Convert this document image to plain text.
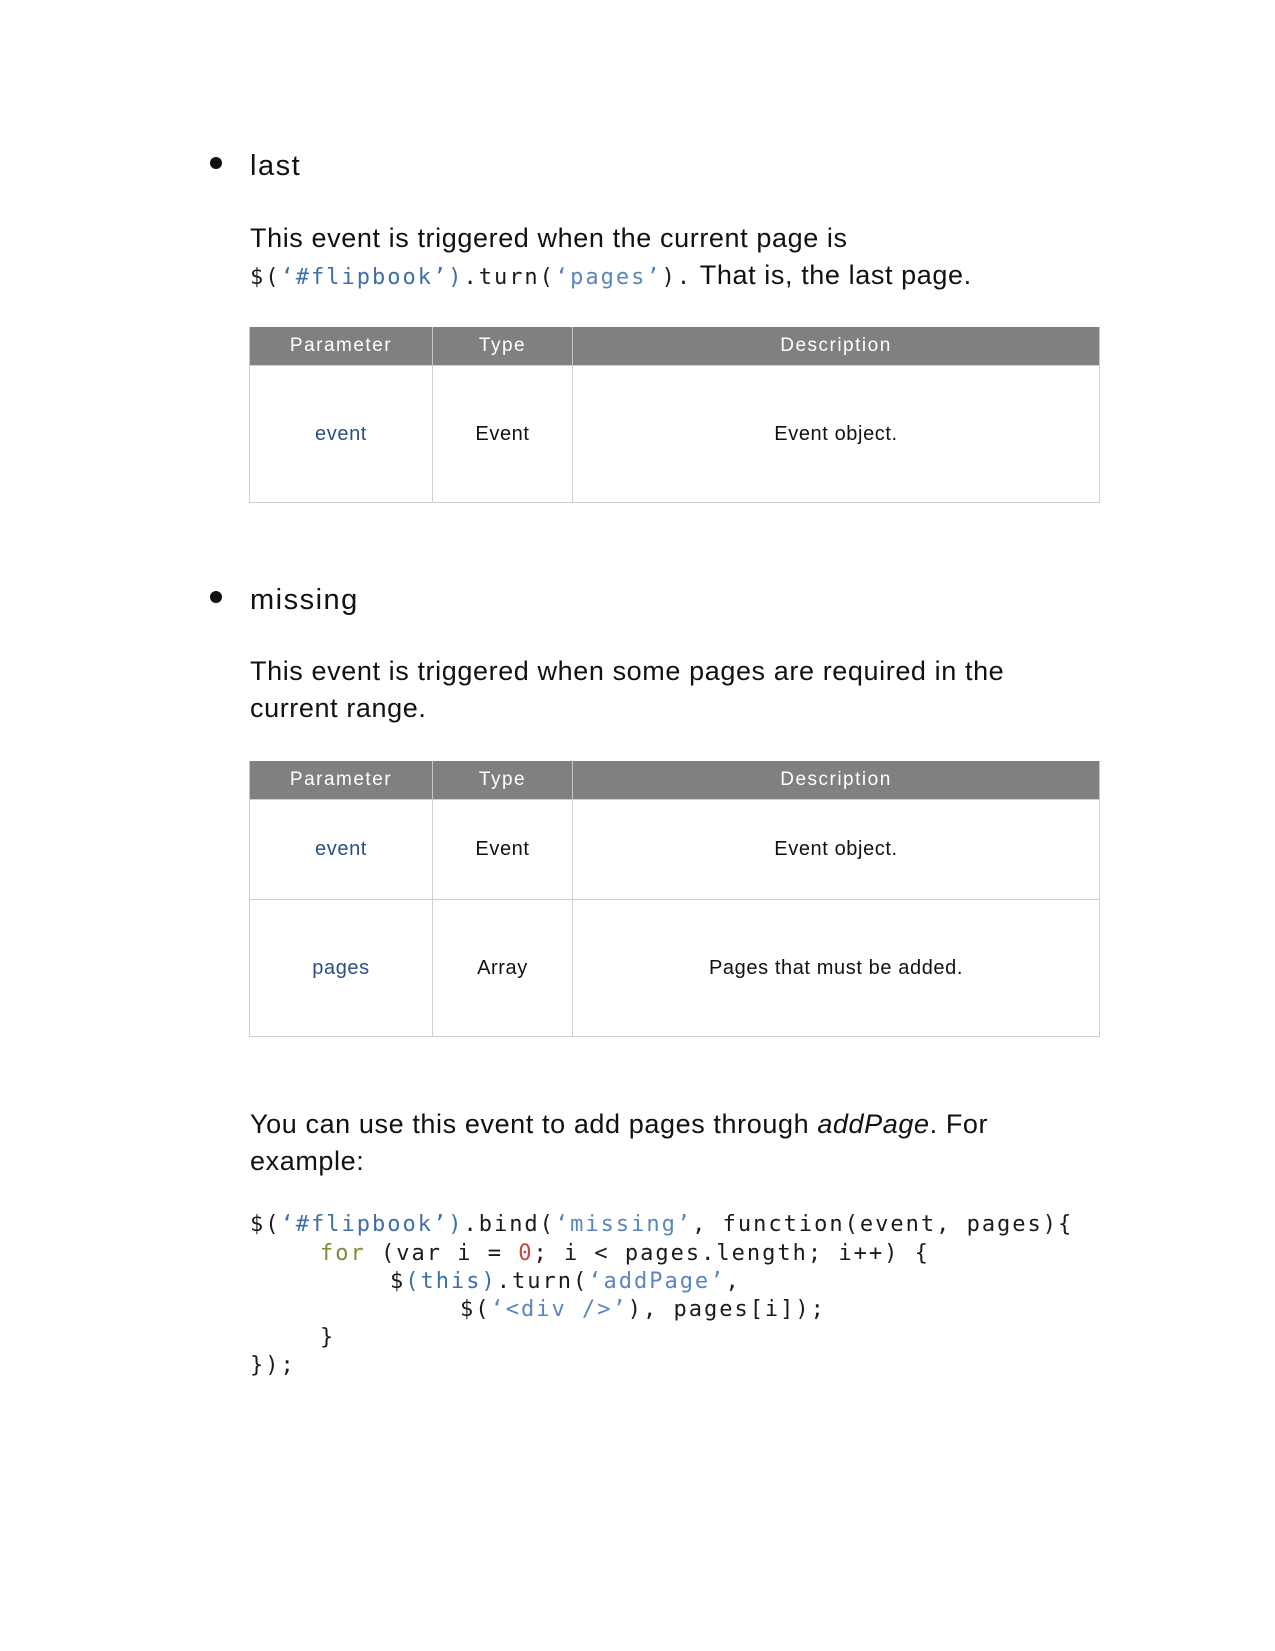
last
This event is triggered when the current page is
$(‘#flipbook’).turn(‘pages’). That is, the last page.
Parameter	Type	Description
event	Event	Event object.
missing
This event is triggered when some pages are required in the
current range.
Parameter	Type	Description
event	Event	Event object.
pages	Array	Pages that must be added.
You can use this event to add pages through addPage. For
example:
$(‘#flipbook’).bind(‘missing’, function(event, pages){
for (var i = 0; i < pages.length; i++) {
$(this).turn(‘addPage’,
$(‘<div />’), pages[i]);
}
});
